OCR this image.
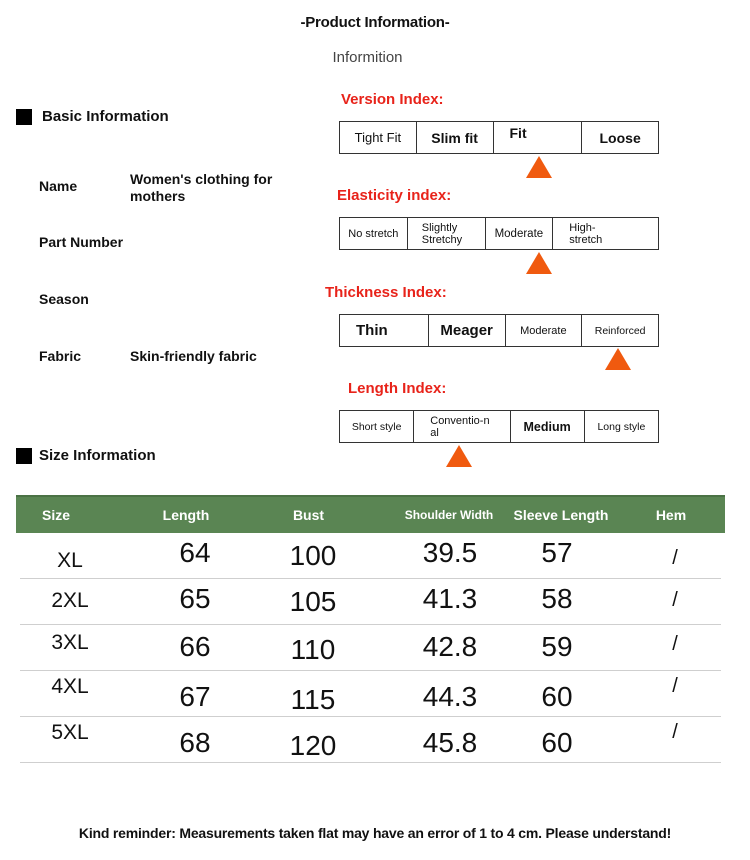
-Product Information-
Informition
Basic Information
Name	Women's clothing for mothers
Part Number
Season
Fabric	Skin-friendly fabric
Version Index:
Tight Fit	Slim fit	Fit	Loose
Elasticity index:
No stretch	Slightly Stretchy	Moderate	High-stretch
Thickness Index:
Thin	Meager	Moderate	Reinforced
Length Index:
Short style	Conventio-nal	Medium	Long style
Size Information
Size	Length	Bust	Shoulder Width	Sleeve Length	Hem
XL	64	100	39.5	57	/
2XL	65	105	41.3	58	/
3XL	66	110	42.8	59	/
4XL	67	115	44.3	60	/
5XL	68	120	45.8	60	/
Kind reminder: Measurements taken flat may have an error of 1 to 4 cm. Please understand!
